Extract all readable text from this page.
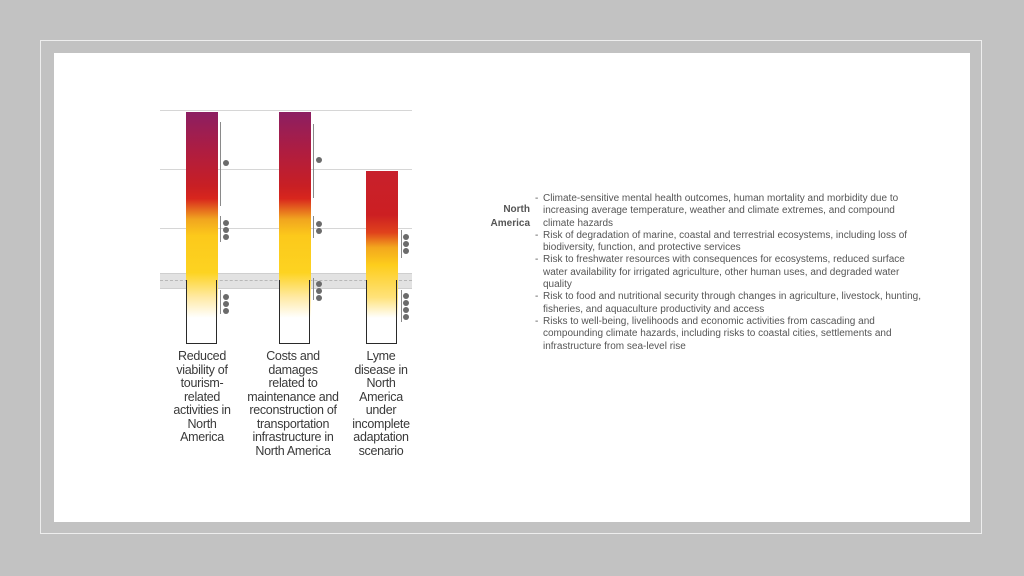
Reduced
viability of
tourism-
related
activities in
North
America
Costs and
damages
related to
maintenance and
reconstruction of
transportation
infrastructure in
North America
Lyme
disease in
North
America
under
incomplete
adaptation
scenario
North
America
- Climate-sensitive mental health outcomes, human mortality and morbidity due to increasing average temperature, weather and climate extremes, and compound climate hazards
- Risk of degradation of marine, coastal and terrestrial ecosystems, including loss of biodiversity, function, and protective services
- Risk to freshwater resources with consequences for ecosystems, reduced surface water availability for irrigated agriculture, other human uses, and degraded water quality
- Risk to food and nutritional security through changes in agriculture, livestock, hunting, fisheries, and aquaculture productivity and access
- Risks to well-being, livelihoods and economic activities from cascading and compounding climate hazards, including risks to coastal cities, settlements and infrastructure from sea-level rise
